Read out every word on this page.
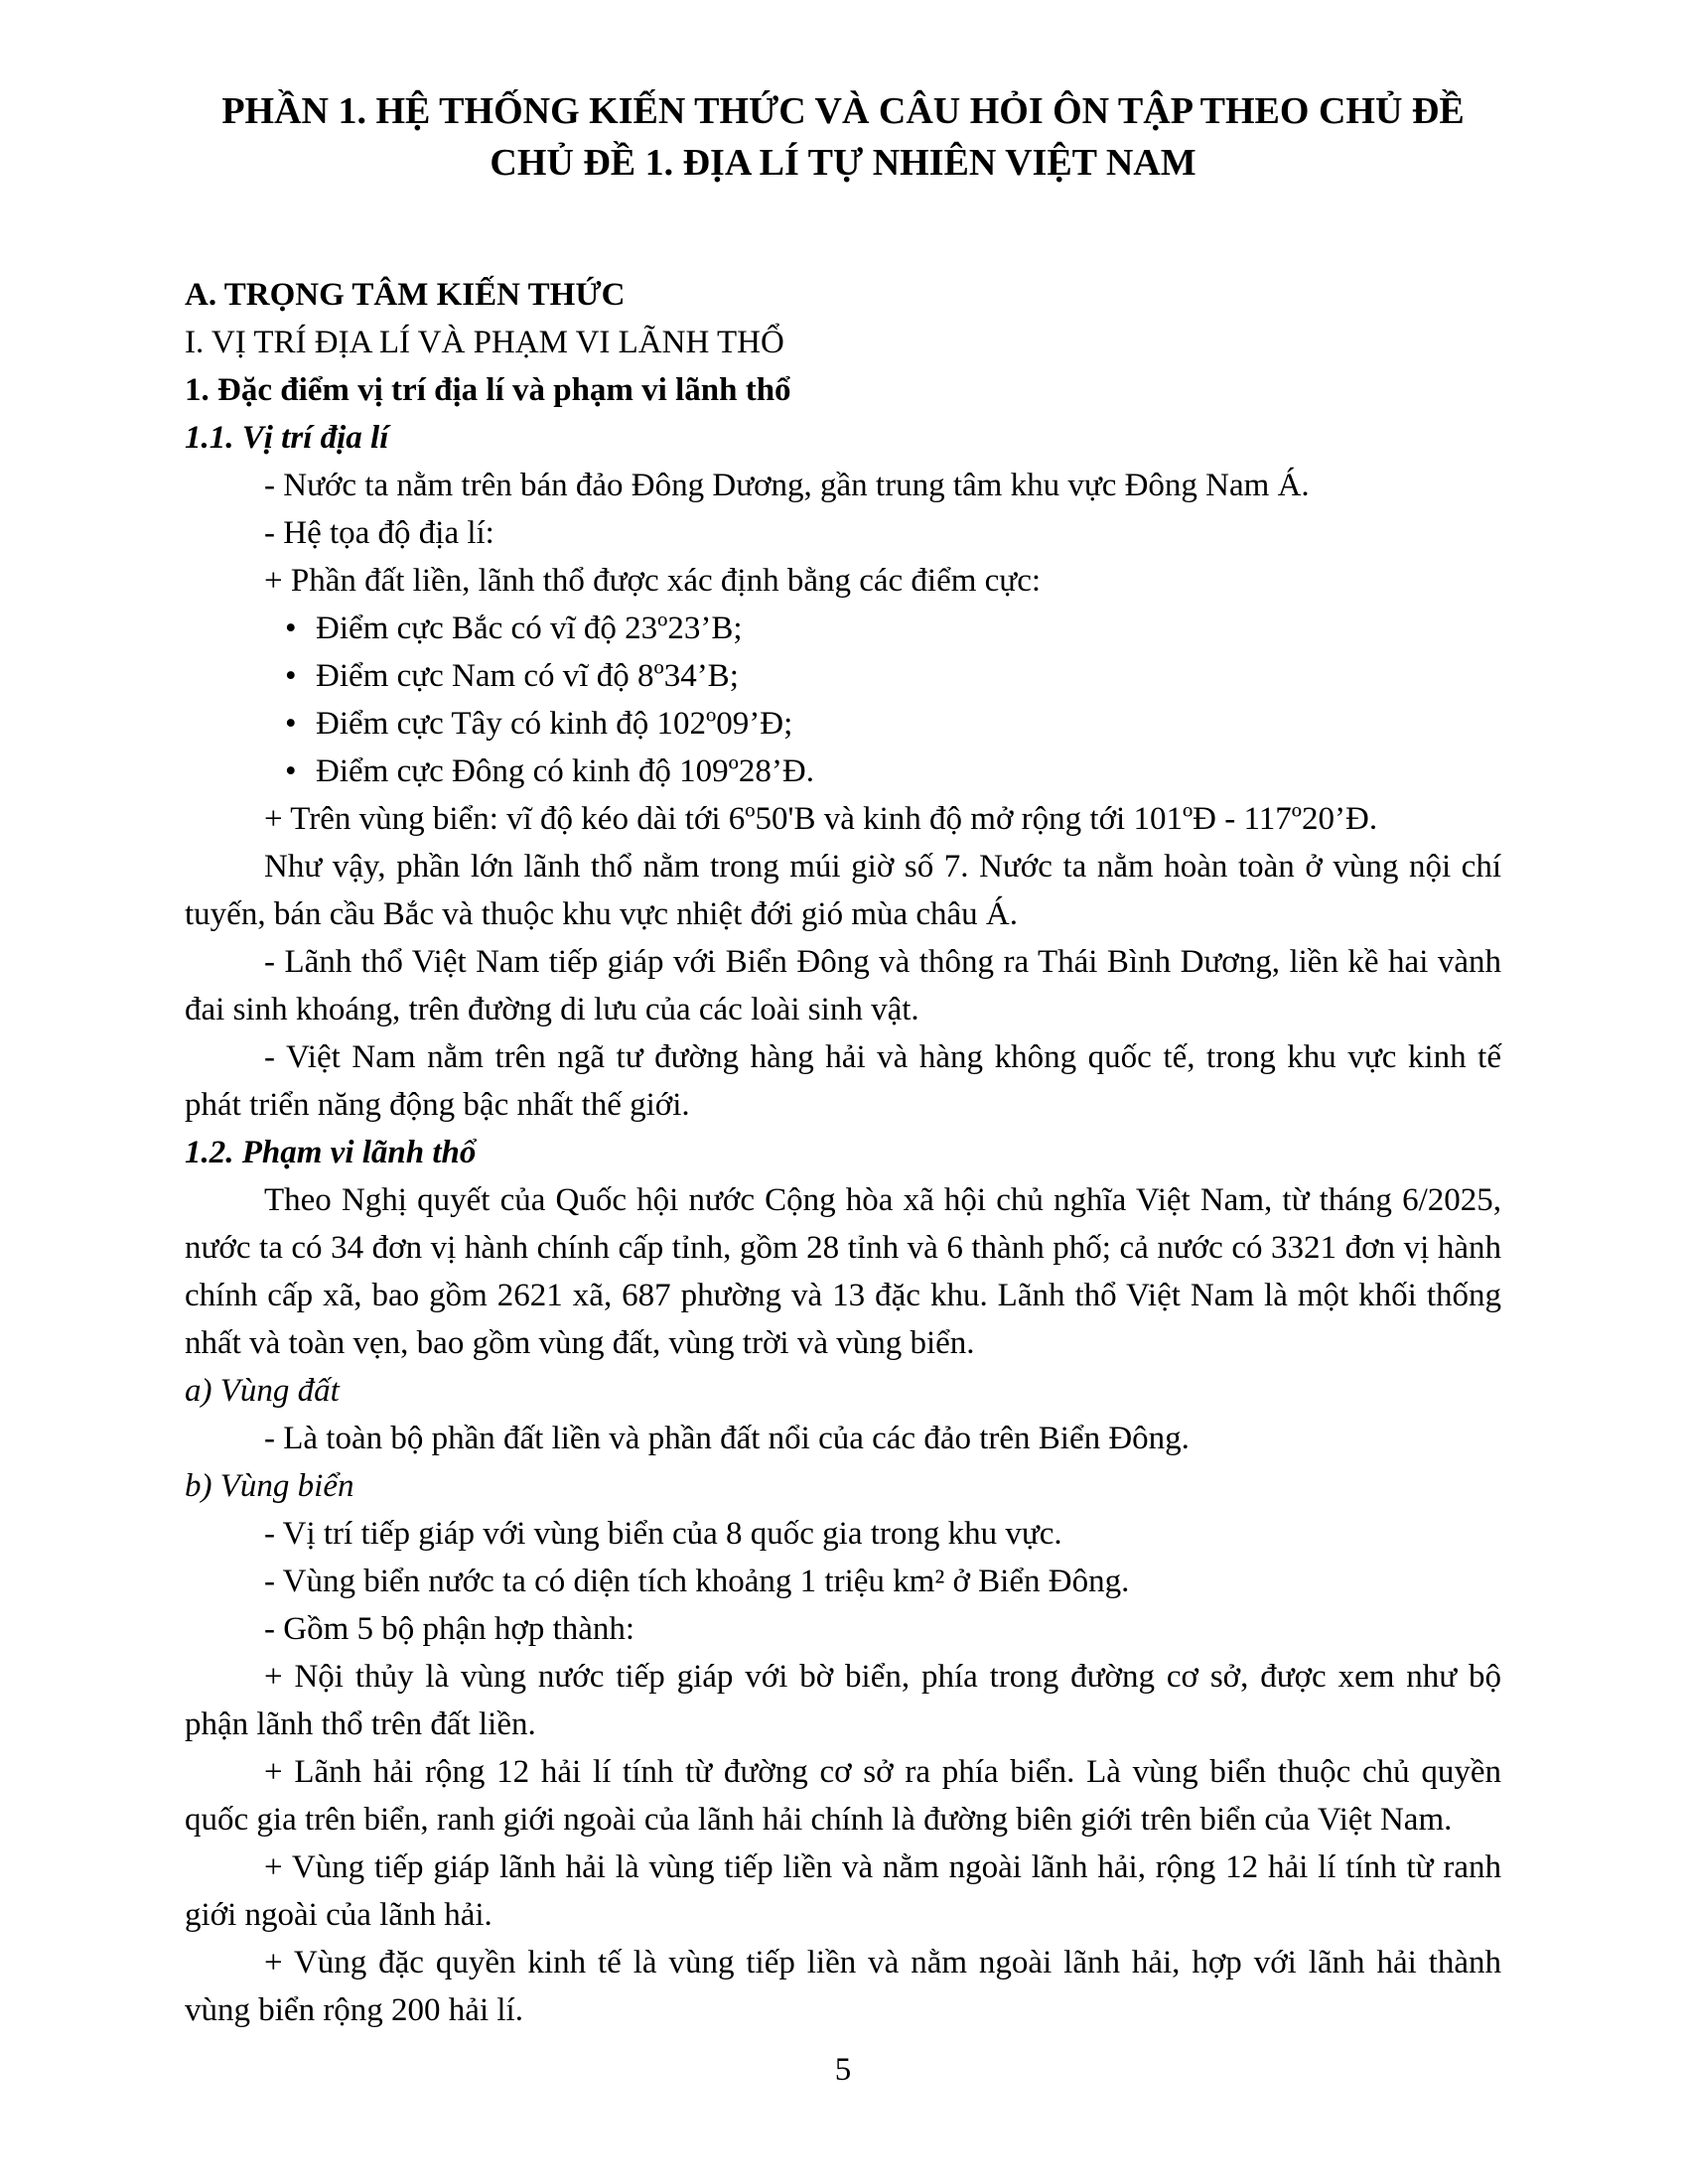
PHẦN 1. HỆ THỐNG KIẾN THỨC VÀ CÂU HỎI ÔN TẬP THEO CHỦ ĐỀ
CHỦ ĐỀ 1. ĐỊA LÍ TỰ NHIÊN VIỆT NAM
A. TRỌNG TÂM KIẾN THỨC
I. VỊ TRÍ ĐỊA LÍ VÀ PHẠM VI LÃNH THỔ
1. Đặc điểm vị trí địa lí và phạm vi lãnh thổ
1.1. Vị trí địa lí
- Nước ta nằm trên bán đảo Đông Dương, gần trung tâm khu vực Đông Nam Á.
- Hệ tọa độ địa lí:
+ Phần đất liền, lãnh thổ được xác định bằng các điểm cực:
• Điểm cực Bắc có vĩ độ 23º23’B;
• Điểm cực Nam có vĩ độ 8º34’B;
• Điểm cực Tây có kinh độ 102º09’Đ;
• Điểm cực Đông có kinh độ 109º28’Đ.
+ Trên vùng biển: vĩ độ kéo dài tới 6º50'B và kinh độ mở rộng tới 101ºĐ - 117º20’Đ.
Như vậy, phần lớn lãnh thổ nằm trong múi giờ số 7. Nước ta nằm hoàn toàn ở vùng nội chí tuyến, bán cầu Bắc và thuộc khu vực nhiệt đới gió mùa châu Á.
- Lãnh thổ Việt Nam tiếp giáp với Biển Đông và thông ra Thái Bình Dương, liền kề hai vành đai sinh khoáng, trên đường di lưu của các loài sinh vật.
- Việt Nam nằm trên ngã tư đường hàng hải và hàng không quốc tế, trong khu vực kinh tế phát triển năng động bậc nhất thế giới.
1.2. Phạm vi lãnh thổ
Theo Nghị quyết của Quốc hội nước Cộng hòa xã hội chủ nghĩa Việt Nam, từ tháng 6/2025, nước ta có 34 đơn vị hành chính cấp tỉnh, gồm 28 tỉnh và 6 thành phố; cả nước có 3321 đơn vị hành chính cấp xã, bao gồm 2621 xã, 687 phường và 13 đặc khu. Lãnh thổ Việt Nam là một khối thống nhất và toàn vẹn, bao gồm vùng đất, vùng trời và vùng biển.
a) Vùng đất
- Là toàn bộ phần đất liền và phần đất nổi của các đảo trên Biển Đông.
b) Vùng biển
- Vị trí tiếp giáp với vùng biển của 8 quốc gia trong khu vực.
- Vùng biển nước ta có diện tích khoảng 1 triệu km² ở Biển Đông.
- Gồm 5 bộ phận hợp thành:
+ Nội thủy là vùng nước tiếp giáp với bờ biển, phía trong đường cơ sở, được xem như bộ phận lãnh thổ trên đất liền.
+ Lãnh hải rộng 12 hải lí tính từ đường cơ sở ra phía biển. Là vùng biển thuộc chủ quyền quốc gia trên biển, ranh giới ngoài của lãnh hải chính là đường biên giới trên biển của Việt Nam.
+ Vùng tiếp giáp lãnh hải là vùng tiếp liền và nằm ngoài lãnh hải, rộng 12 hải lí tính từ ranh giới ngoài của lãnh hải.
+ Vùng đặc quyền kinh tế là vùng tiếp liền và nằm ngoài lãnh hải, hợp với lãnh hải thành vùng biển rộng 200 hải lí.
5
